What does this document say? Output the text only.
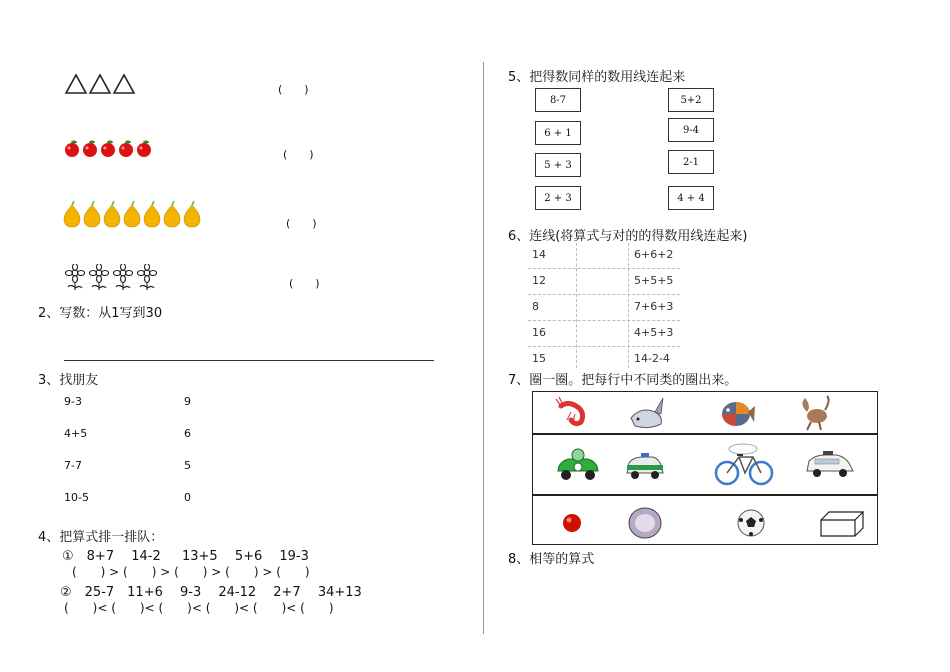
(　　)
(　　)
(　　)
(　　)
2、写数：从1写到30
3、找朋友
9-3
4+5
7-7
10-5
9
6
5
0
4、把算式排一排队：
①　8+7　 14-2　  13+5　 5+6　 19-3
(　　) > (　　) > (　　) > (　　) > (　　)
②　25-7　11+6　 9-3　 24-12　 2+7　 34+13
(　　)< (　　)< (　　)< (　　)< (　　)< (　　)
5、把得数同样的数用线连起来
8-7
6 + 1
5 + 3
2 + 3
5+2
9-4
2-1
4 + 4
6、连线(将算式与对的的得数用线连起来)
14	6+6+2
12	5+5+5
8	7+6+3
16	4+5+3
15	14-2-4
7、圈一圈。把每行中不同类的圈出来。
8、相等的算式
